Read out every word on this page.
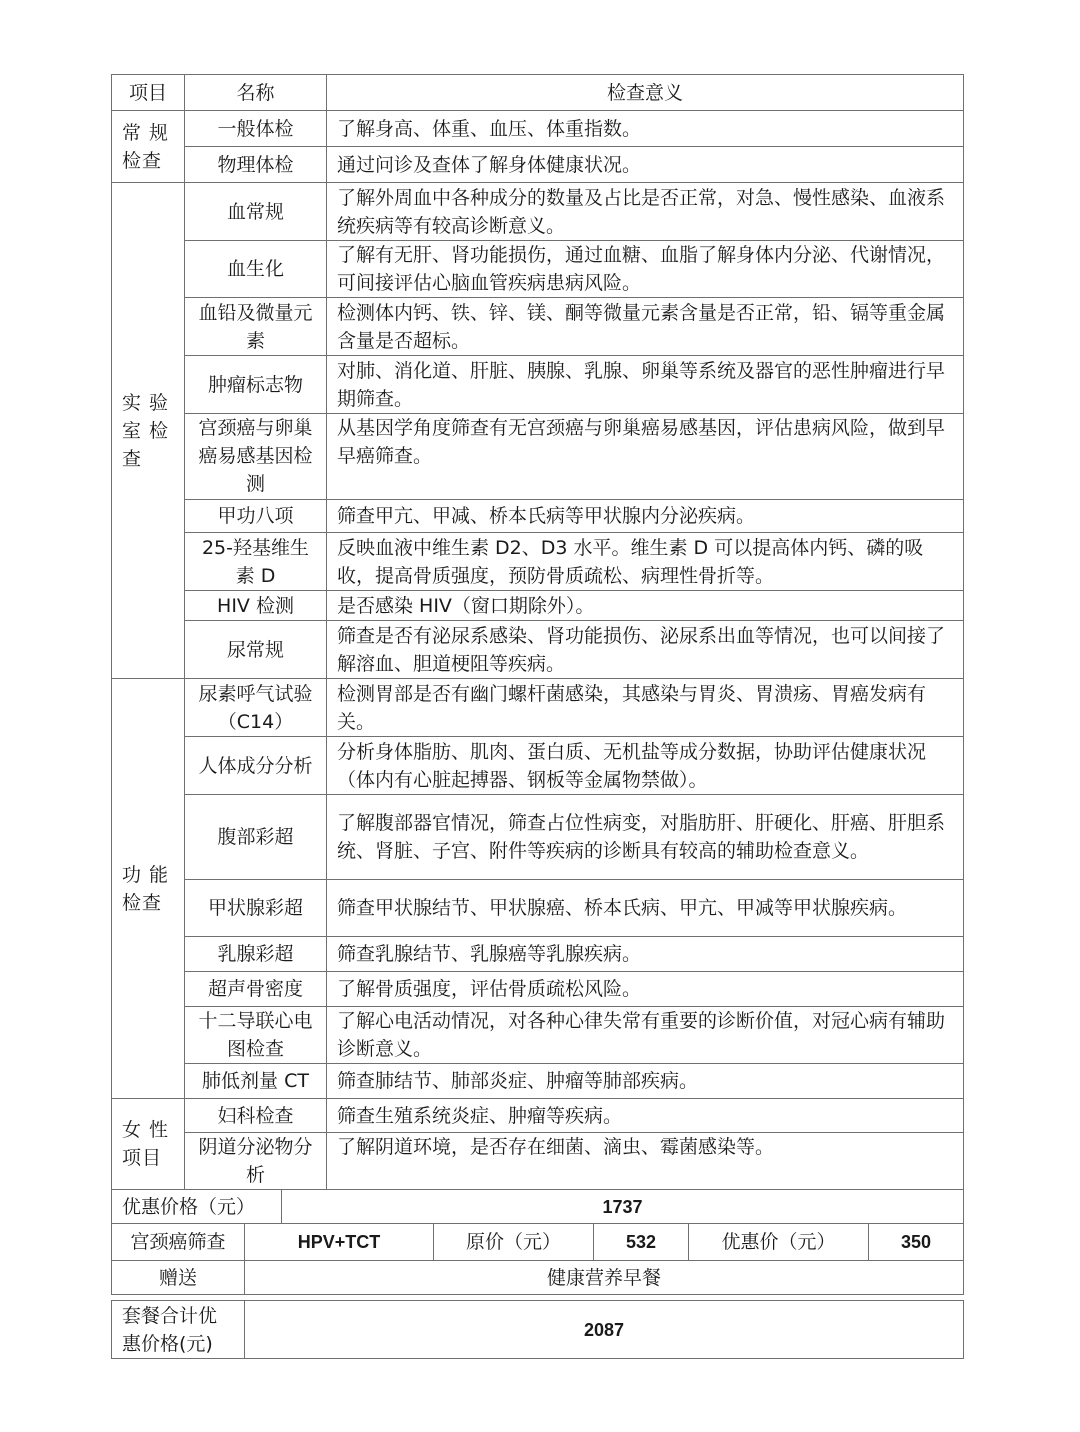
项目	名称	检查意义

常 规
检查	一般体检	了解身高、体重、血压、体重指数。
	物理体检	通过问诊及查体了解身体健康状况。

实 验
室 检
查	血常规	了解外周血中各种成分的数量及占比是否正常，对急、慢性感染、血液系统疾病等有较高诊断意义。
	血生化	了解有无肝、肾功能损伤，通过血糖、血脂了解身体内分泌、代谢情况，可间接评估心脑血管疾病患病风险。
	血铅及微量元素	检测体内钙、铁、锌、镁、酮等微量元素含量是否正常，铅、镉等重金属含量是否超标。
	肿瘤标志物	对肺、消化道、肝脏、胰腺、乳腺、卵巢等系统及器官的恶性肿瘤进行早期筛查。
	宫颈癌与卵巢癌易感基因检测	从基因学角度筛查有无宫颈癌与卵巢癌易感基因，评估患病风险，做到早早癌筛查。
	甲功八项	筛查甲亢、甲减、桥本氏病等甲状腺内分泌疾病。
	25-羟基维生素 D	反映血液中维生素 D2、D3 水平。维生素 D 可以提高体内钙、磷的吸收，提高骨质强度，预防骨质疏松、病理性骨折等。
	HIV 检测	是否感染 HIV（窗口期除外）。
	尿常规	筛查是否有泌尿系感染、肾功能损伤、泌尿系出血等情况，也可以间接了解溶血、胆道梗阻等疾病。

功 能
检查	尿素呼气试验（C14）	检测胃部是否有幽门螺杆菌感染，其感染与胃炎、胃溃疡、胃癌发病有关。
	人体成分分析	分析身体脂肪、肌肉、蛋白质、无机盐等成分数据，协助评估健康状况（体内有心脏起搏器、钢板等金属物禁做）。
	腹部彩超	了解腹部器官情况，筛查占位性病变，对脂肪肝、肝硬化、肝癌、肝胆系统、肾脏、子宫、附件等疾病的诊断具有较高的辅助检查意义。
	甲状腺彩超	筛查甲状腺结节、甲状腺癌、桥本氏病、甲亢、甲减等甲状腺疾病。
	乳腺彩超	筛查乳腺结节、乳腺癌等乳腺疾病。
	超声骨密度	了解骨质强度，评估骨质疏松风险。
	十二导联心电图检查	了解心电活动情况，对各种心律失常有重要的诊断价值，对冠心病有辅助诊断意义。
	肺低剂量 CT	筛查肺结节、肺部炎症、肿瘤等肺部疾病。

女 性
项目	妇科检查	筛查生殖系统炎症、肿瘤等疾病。
	阴道分泌物分析	了解阴道环境，是否存在细菌、滴虫、霉菌感染等。
优惠价格（元）		1737				
宫颈癌筛查	HPV+TCT		原价（元）	532	优惠价（元）	350
赠送	健康营养早餐					
套餐合计优
惠价格(元)
	2087
